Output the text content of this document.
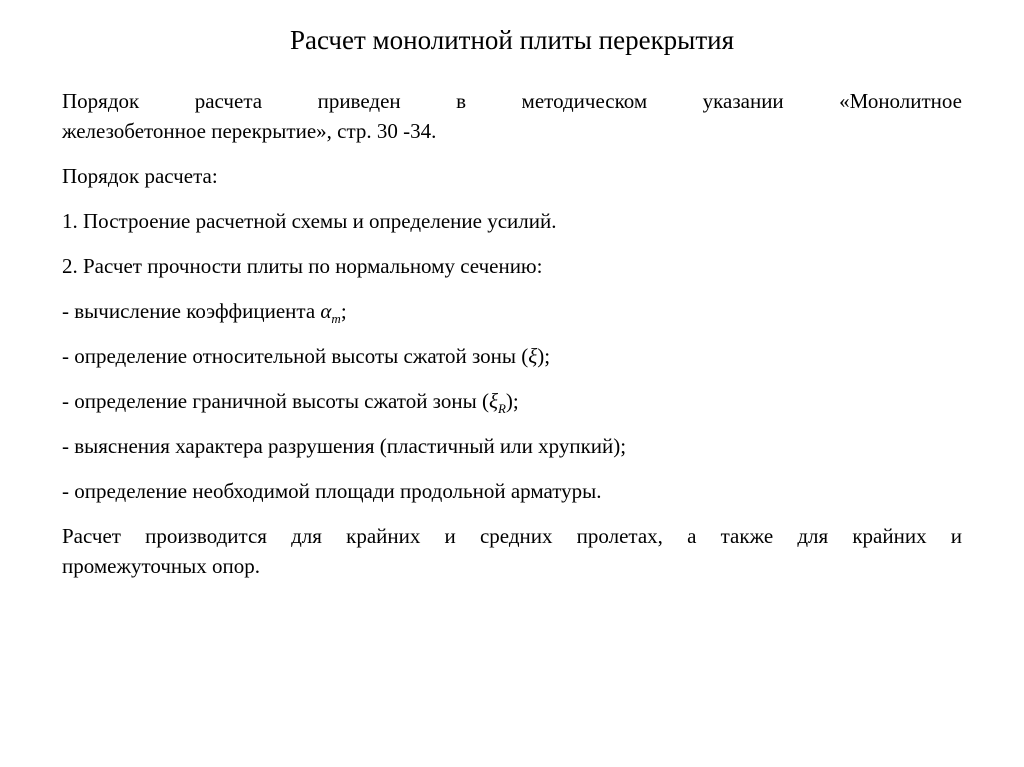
Расчет монолитной плиты перекрытия

Порядок расчета приведен в методическом указании «Монолитное
железобетонное перекрытие», стр. 30 -34.

Порядок расчета:

1. Построение расчетной схемы и определение усилий.

2. Расчет прочности плиты по нормальному сечению:

- вычисление коэффициента $\alpha_m$;

- определение относительной высоты сжатой зоны (ξ);

- определение граничной высоты сжатой зоны $(\xi_R)$;

- выяснения характера разрушения (пластичный или хрупкий);

- определение необходимой площади продольной арматуры.

Расчет производится для крайних и средних пролетах, а также для крайних и
промежуточных опор.
